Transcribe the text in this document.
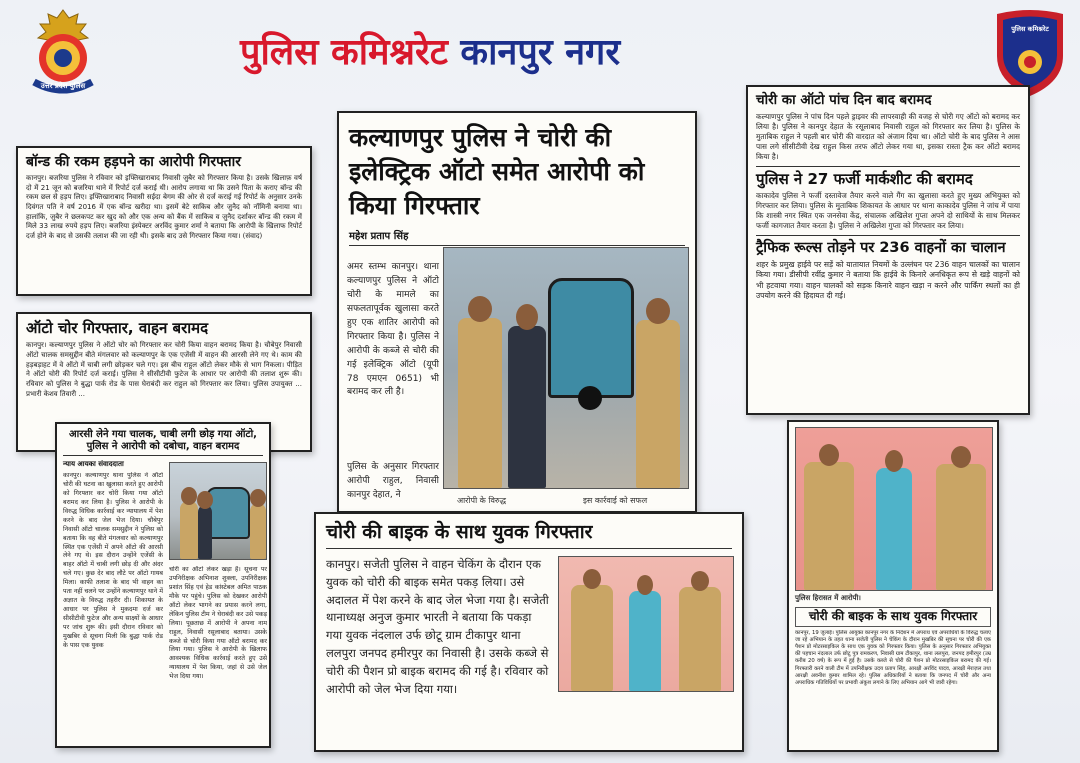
उत्तर प्रदेश पुलिस
पुलिस कमिश्नरेट कानपुर नगर
पुलिस कमिश्नरेट
बॉन्ड की रकम हड़पने का आरोपी गिरफ्तार
कानपुर। बजरिया पुलिस ने रविवार को इफ्तिखाराबाद निवासी जुबैर को गिरफ्तार किया है। उसके खिलाफ़ वर्ष दो में 21 जून को बजरिया थाने में रिपोर्ट दर्ज कराई थी। आरोप लगाया था कि उसने पिता के कराए बॉन्ड की रकम छल से हड़प लिए। इफ्तिखाराबाद निवासी सईदा बेगम की ओर से दर्ज कराई गई रिपोर्ट के अनुसार उनके दिवंगत पति ने वर्ष 2016 में एक बॉन्ड खरीदा था। इसमें बेटे साकिब और जुनैद को नॉमिनी बनाया था। हालांकि, जुबैर ने छलकपट कर खुद को और एक अन्य को बैंक में साकिब व जुनैद दर्शाकर बॉन्ड की रकम में मिले 33 लाख रुपये हड़प लिए। बजरिया इंस्पेक्टर अरविंद कुमार शर्मा ने बताया कि आरोपी के खिलाफ रिपोर्ट दर्ज होने के बाद से उसकी तलाश की जा रही थी। इसके बाद उसे गिरफ्तार किया गया। (संवाद)
ऑटो चोर गिरफ्तार, वाहन बरामद
कानपुर। कल्याणपुर पुलिस ने ऑटो चोर को गिरफ्तार कर चोरी किया वाहन बरामद किया है। चौबेपुर निवासी ऑटो चालक समसुद्दीन बीते मंगलवार को कल्याणपुर के एक एजेंसी में वाहन की आरसी लेने गए थे। काम की हड़बड़ाहट में वे ऑटो में चाबी लगी छोड़कर चले गए। इस बीच राहुल ऑटो लेकर मौके से भाग निकला। पीड़ित ने ऑटो चोरी की रिपोर्ट दर्ज कराई। पुलिस ने सीसीटीवी फुटेज के आधार पर आरोपी की तलाश शुरू की। रविवार को पुलिस ने बुद्धा पार्क रोड के पास घेराबंदी कर राहुल को गिरफ्तार कर लिया। पुलिस उपायुक्त ... प्रभारी केशव तिवारी ...
आरसी लेने गया चालक, चाबी लगी छोड़ गया ऑटो, पुलिस ने आरोपी को दबोचा, वाहन बरामद
न्याय आयका संवाददाता
कानपुर। कल्याणपुर थाना पुलिस ने ऑटो चोरी की घटना का खुलासा करते हुए आरोपी को गिरफ्तार कर चोरी किया गया ऑटो बरामद कर लिया है। पुलिस ने आरोपी के विरुद्ध विधिक कार्रवाई कर न्यायालय में पेश करने के बाद जेल भेज दिया। चौबेपुर निवासी ऑटो चालक समसुद्दीन ने पुलिस को बताया कि वह बीते मंगलवार को कल्याणपुर स्थित एक एजेंसी में अपने ऑटो की आरसी लेने गए थे। इस दौरान उन्होंने एजेंसी के बाहर ऑटो में चाबी लगी छोड़ दी और अंदर चले गए। कुछ देर बाद लौटे पर ऑटो गायब मिला। काफी तलाश के बाद भी वाहन का पता नहीं चलने पर उन्होंने कल्याणपुर थाने में अज्ञात के विरुद्ध तहरीर दी। शिकायत के आधार पर पुलिस ने मुकदमा दर्ज कर सीसीटीवी फुटेज और अन्य साक्ष्यों के आधार पर जांच शुरू की। इसी दौरान रविवार को मुखबिर से सूचना मिली कि बुद्धा पार्क रोड के पास एक युवक
चोरी का ऑटो लेकर खड़ा है। सूचना पर उपनिरीक्षक अभिनाश शुक्ला, उपनिरीक्षक प्रशांत सिंह एवं हेड कांस्टेबल अमित पाठक मौके पर पहुंचे। पुलिस को देखकर आरोपी ऑटो लेकर भागने का प्रयास करने लगा, लेकिन पुलिस टीम ने घेराबंदी कर उसे पकड़ लिया। पूछताछ में आरोपी ने अपना नाम राहुल, निवासी रसूलाबाद बताया। उसके कब्जे से चोरी किया गया ऑटो बरामद कर लिया गया। पुलिस ने आरोपी के खिलाफ आवश्यक विधिक कार्रवाई करते हुए उसे न्यायालय में पेश किया, जहां से उसे जेल भेज दिया गया।
कल्याणपुर पुलिस ने चोरी की इलेक्ट्रिक ऑटो समेत आरोपी को किया गिरफ्तार
महेश प्रताप सिंह
अमर स्तम्भ कानपुर। थाना कल्याणपुर पुलिस ने ऑटो चोरी के मामले का सफलतापूर्वक खुलासा करते हुए एक शातिर आरोपी को गिरफ्तार किया है। पुलिस ने आरोपी के कब्जे से चोरी की गई इलेक्ट्रिक ऑटो (यूपी 78 एमएन 0651) भी बरामद कर ली है।
पुलिस के अनुसार गिरफ्तार आरोपी राहुल, निवासी कानपुर देहात, ने
आरोपी के विरुद्ध	इस कार्रवाई को सफल
चोरी की बाइक के साथ युवक गिरफ्तार
कानपुर। सजेती पुलिस ने वाहन चेकिंग के दौरान एक युवक को चोरी की बाइक समेत पकड़ लिया। उसे अदालत में पेश करने के बाद जेल भेजा गया है। सजेती थानाध्यक्ष अनुज कुमार भारती ने बताया कि पकड़ा गया युवक नंदलाल उर्फ छोटू ग्राम टीकापुर थाना ललपुरा जनपद हमीरपुर का निवासी है। उसके कब्जे से चोरी की पैशन प्रो बाइक बरामद की गई है। रविवार को आरोपी को जेल भेज दिया गया।
चोरी का ऑटो पांच दिन बाद बरामद
कल्याणपुर पुलिस ने पांच दिन पहले ड्राइवर की लापरवाही की वजह से चोरी गए ऑटो को बरामद कर लिया है। पुलिस ने कानपुर देहात के रसूलाबाद निवासी राहुल को गिरफ्तार कर लिया है। पुलिस के मुताबिक राहुल ने पहली बार चोरी की वारदात को अंजाम दिया था। ऑटो चोरी के बाद पुलिस ने आस पास लगे सीसीटीवी देख राहुल किस तरफ ऑटो लेकर गया था, इसका रास्ता ट्रैक कर ऑटो बरामद किया है।
पुलिस ने 27 फर्जी मार्कशीट की बरामद
काकादेव पुलिस ने फर्जी दस्तावेज तैयार करने वाले गैंग का खुलासा करते हुए मुख्य अभियुक्त को गिरफ्तार कर लिया। पुलिस के मुताबिक शिकायत के आधार पर थाना काकादेव पुलिस ने जांच में पाया कि शास्त्री नगर स्थित एक जनसेवा केंद्र, संचालक अखिलेश गुप्ता अपने दो साथियों के साथ मिलकर फर्जी कागजात तैयार करता है। पुलिस ने अखिलेश गुप्ता को गिरफ्तार कर लिया।
ट्रैफिक रूल्स तोड़ने पर 236 वाहनों का चालान
शहर के प्रमुख हाईवे पर सड़ें को यातायात नियमों के उल्लंघन पर 236 वाहन चालकों का चालान किया गया। डीसीपी रवींद्र कुमार ने बताया कि हाईवे के किनारे अनधिकृत रूप से खड़े वाहनों को भी हटवाया गया। वाहन चालकों को सड़क किनारे वाहन खड़ा न करने और पार्किंग स्थलों का ही उपयोग करने की हिदायत दी गई।
पुलिस हिरासत में आरोपी।
चोरी की बाइक के साथ युवक गिरफ्तार
कानपुर, 19 जुलाई। पुलिस आयुक्त कानपुर नगर के निर्देशन में अपराध एवं अपराधियों के विरुद्ध चलाए जा रहे अभियान के तहत थाना सजेती पुलिस ने चेकिंग के दौरान मुखबिर की सूचना पर चोरी की एक पैशन प्रो मोटरसाइकिल के साथ एक युवक को गिरफ्तार किया। पुलिस के अनुसार गिरफ्तार अभियुक्त की पहचान नंदलाल उर्फ छोटू पुत्र रामकरण, निवासी ग्राम टीकापुर, थाना ललपुरा, जनपद हमीरपुर (उम्र करीब 20 वर्ष) के रूप में हुई है। उसके कब्जे से चोरी की पैशन प्रो मोटरसाइकिल बरामद की गई। गिरफ्तारी करने वाली टीम में उपनिरीक्षक उदय प्रताप सिंह, आरक्षी अरविंद यादव, आरक्षी मेराज़ल तथा आरक्षी अवनीश कुमार शामिल रहे। पुलिस अधिकारियों ने बताया कि जनपद में चोरी और अन्य अपराधिक गतिविधियों पर प्रभावी अंकुश लगाने के लिए अभियान आगे भी जारी रहेगा।
